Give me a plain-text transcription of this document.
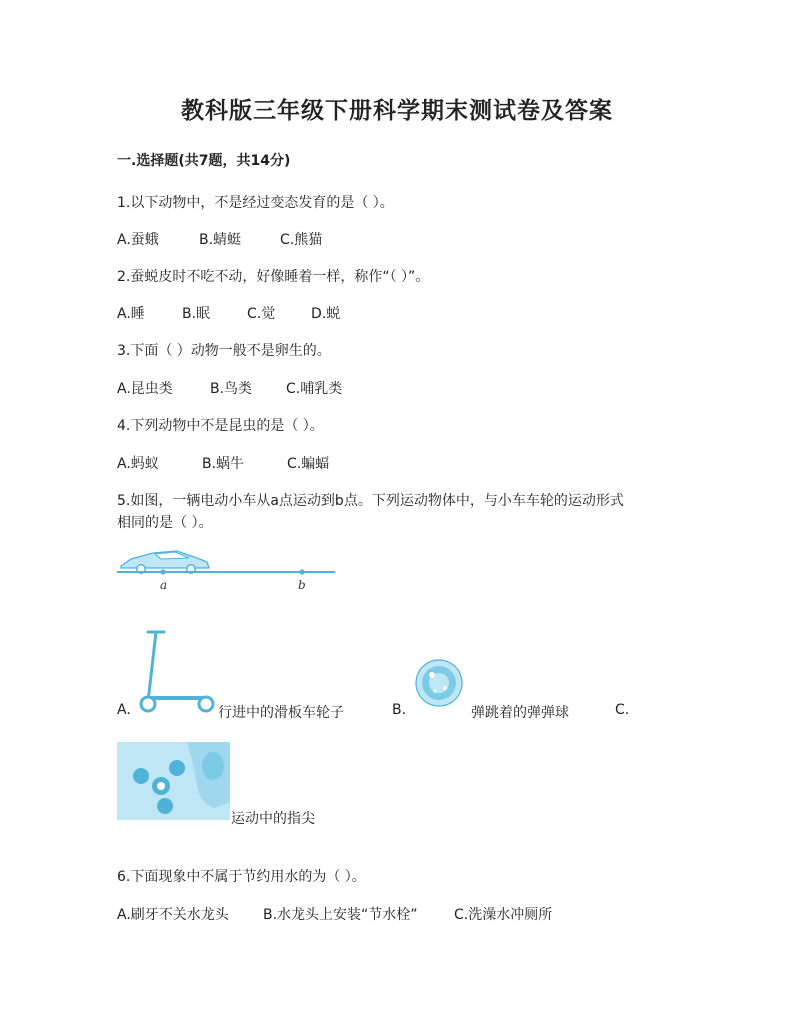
教科版三年级下册科学期末测试卷及答案
一.选择题(共7题，共14分)
1.以下动物中，不是经过变态发育的是（ ）。
A.蚕蛾	B.蜻蜓	C.熊猫
2.蚕蜕皮时不吃不动，好像睡着一样，称作“（ ）”。
A.睡	B.眠	C.觉	D.蜕
3.下面（ ）动物一般不是卵生的。
A.昆虫类	B.鸟类 C.哺乳类
4.下列动物中不是昆虫的是（ ）。
A.蚂蚁	B.蜗牛	C.蝙蝠
5.如图，一辆电动小车从a点运动到b点。下列运动物体中，与小车车轮的运动形式
相同的是（ ）。
a	b
A.	行进中的滑板车轮子	B.	弹跳着的弹弹球	C.
运动中的指尖
6.下面现象中不属于节约用水的为（ ）。
A.刷牙不关水龙头 B.水龙头上安装“节水栓”	C.洗澡水冲厕所
